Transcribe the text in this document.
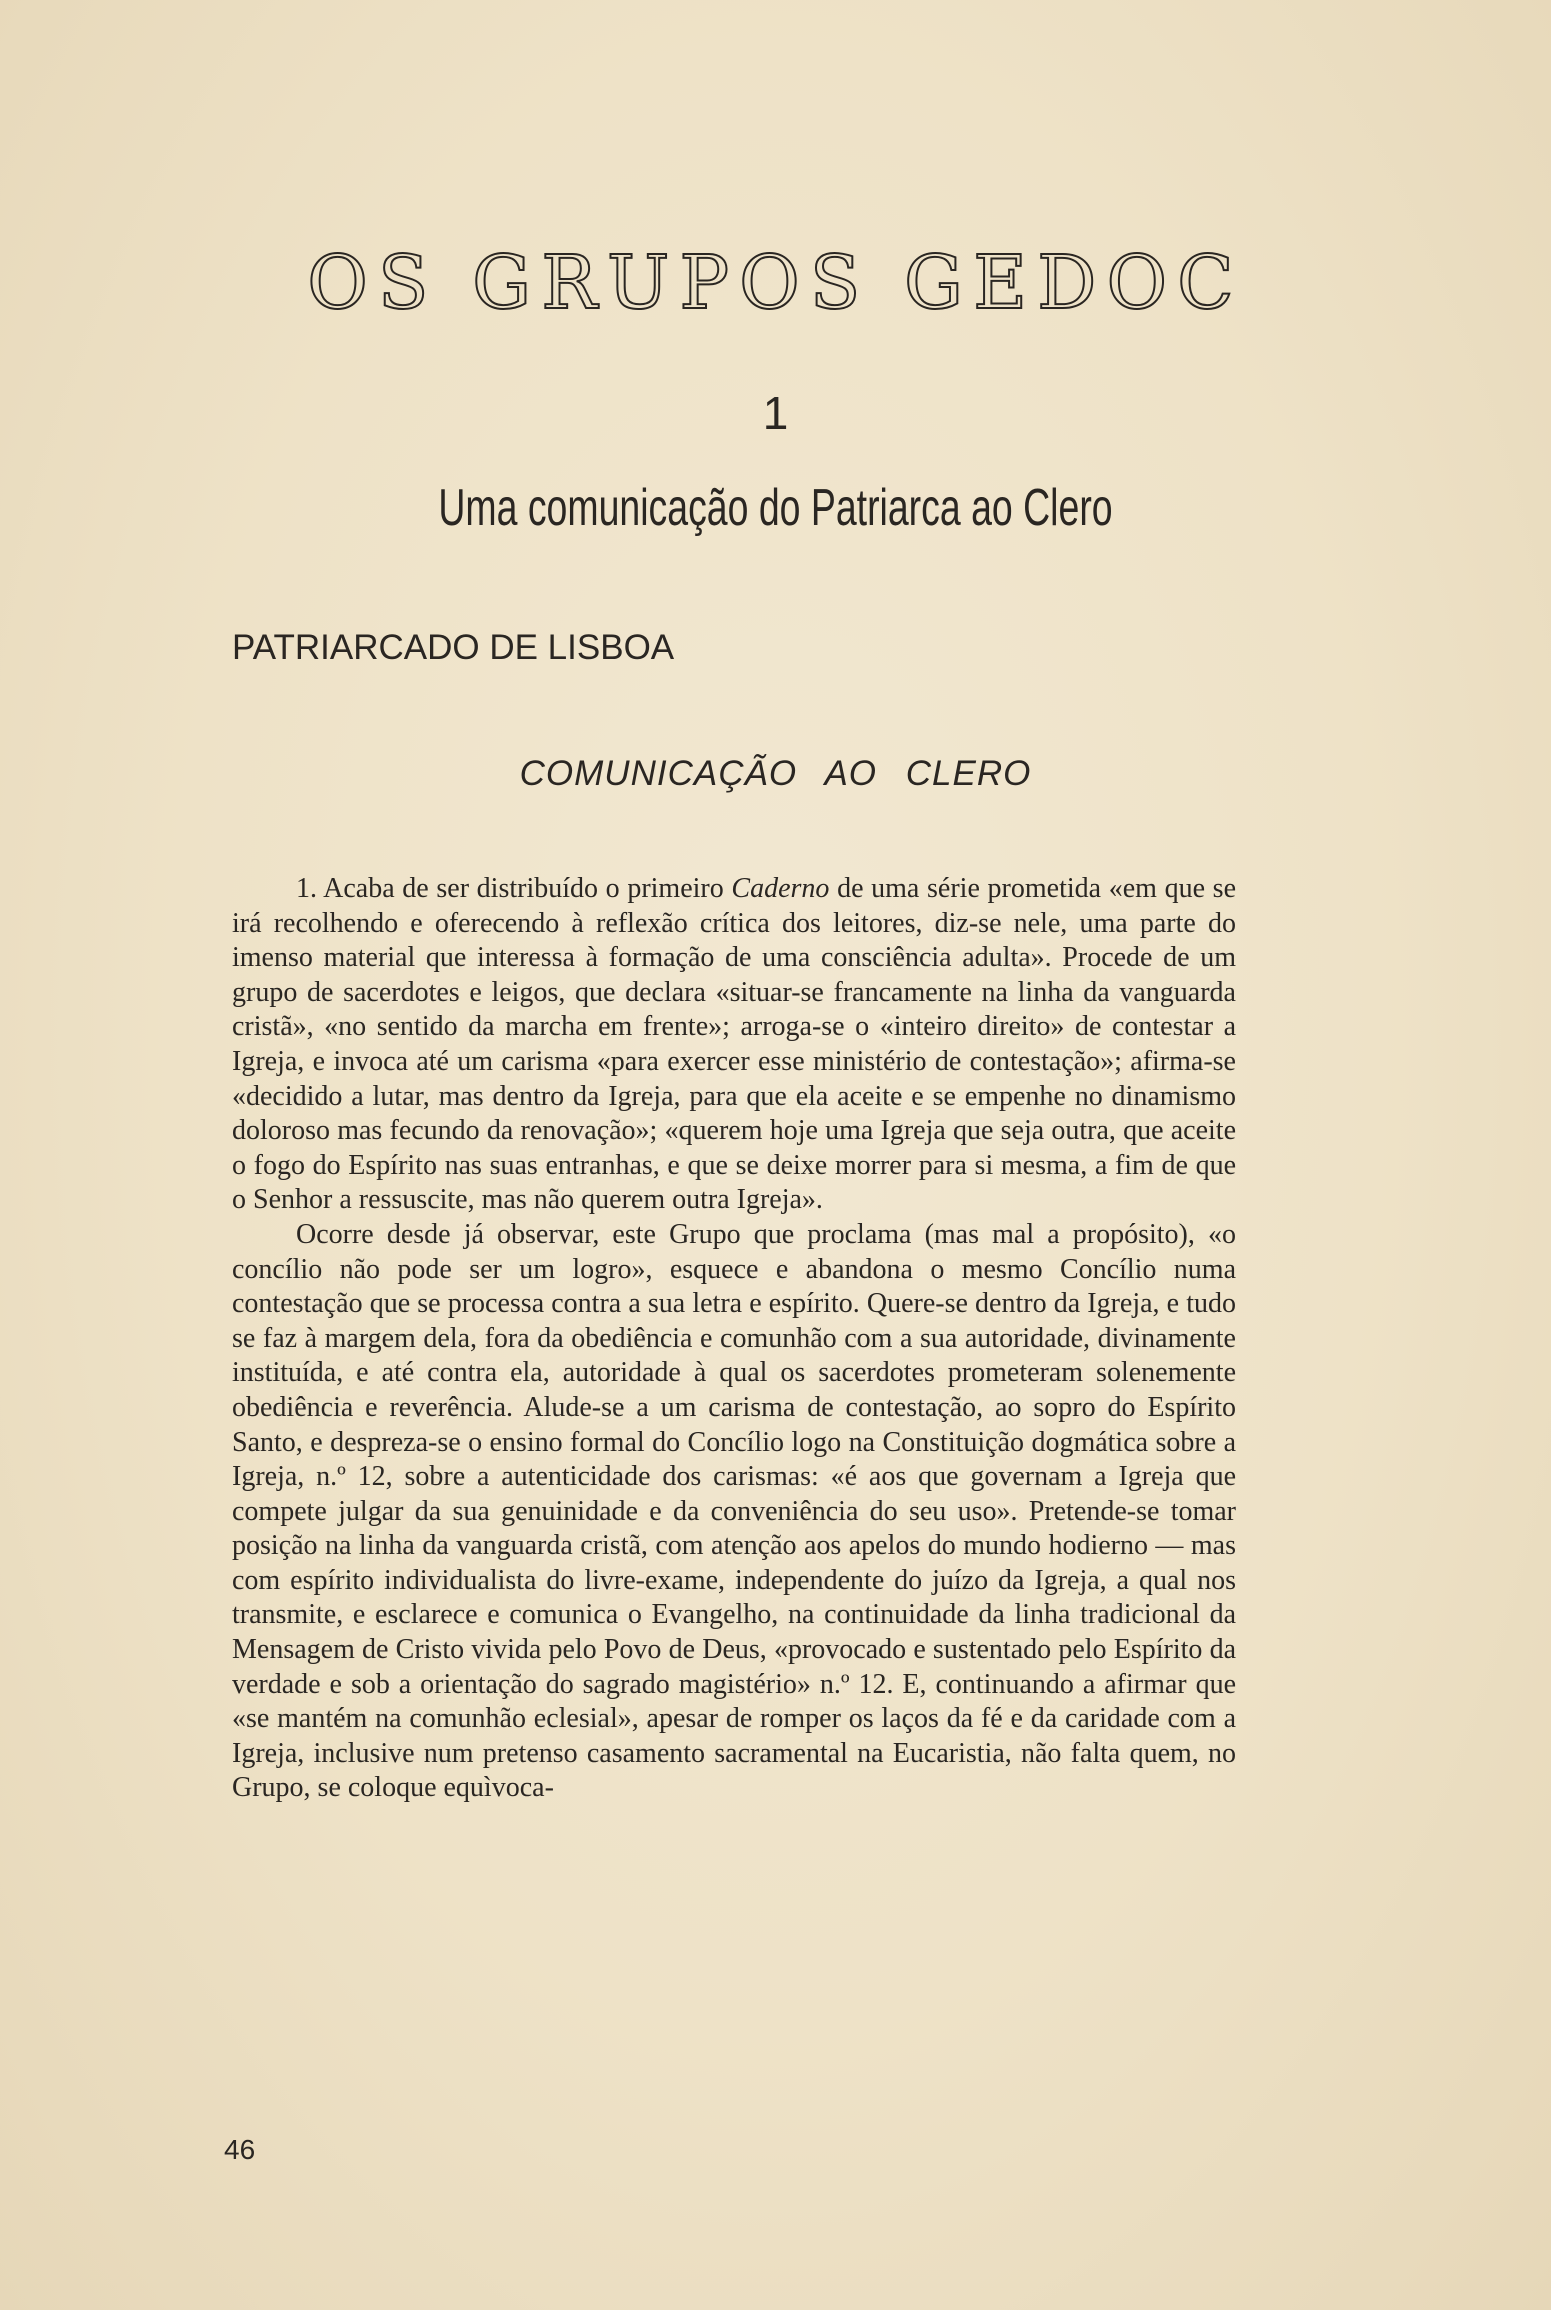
OS GRUPOS GEDOC
1
Uma comunicação do Patriarca ao Clero
PATRIARCADO DE LISBOA
COMUNICAÇÃO AO CLERO

1. Acaba de ser distribuído o primeiro Caderno de uma série prometida «em que se irá recolhendo e oferecendo à reflexão crítica dos leitores, diz-se nele, uma parte do imenso material que interessa à formação de uma consciência adulta». Procede de um grupo de sacerdotes e leigos, que declara «situar-se francamente na linha da vanguarda cristã», «no sentido da marcha em frente»; arroga-se o «inteiro direito» de contestar a Igreja, e invoca até um carisma «para exercer esse ministério de contestação»; afirma-se «decidido a lutar, mas dentro da Igreja, para que ela aceite e se empenhe no dinamismo doloroso mas fecundo da renovação»; «querem hoje uma Igreja que seja outra, que aceite o fogo do Espírito nas suas entranhas, e que se deixe morrer para si mesma, a fim de que o Senhor a ressuscite, mas não querem outra Igreja».

Ocorre desde já observar, este Grupo que proclama (mas mal a propósito), «o concílio não pode ser um logro», esquece e abandona o mesmo Concílio numa contestação que se processa contra a sua letra e espírito. Quere-se dentro da Igreja, e tudo se faz à margem dela, fora da obediência e comunhão com a sua autoridade, divinamente instituída, e até contra ela, autoridade à qual os sacerdotes prometeram solenemente obediência e reverência. Alude-se a um carisma de contestação, ao sopro do Espírito Santo, e despreza-se o ensino formal do Concílio logo na Constituição dogmática sobre a Igreja, n.º 12, sobre a autenticidade dos carismas: «é aos que governam a Igreja que compete julgar da sua genuinidade e da conveniência do seu uso». Pretende-se tomar posição na linha da vanguarda cristã, com atenção aos apelos do mundo hodierno — mas com espírito individualista do livre-exame, independente do juízo da Igreja, a qual nos transmite, e esclarece e comunica o Evangelho, na continuidade da linha tradicional da Mensagem de Cristo vivida pelo Povo de Deus, «provocado e sustentado pelo Espírito da verdade e sob a orientação do sagrado magistério» n.º 12. E, continuando a afirmar que «se mantém na comunhão eclesial», apesar de romper os laços da fé e da caridade com a Igreja, inclusive num pretenso casamento sacramental na Eucaristia, não falta quem, no Grupo, se coloque equìvoca-

46
